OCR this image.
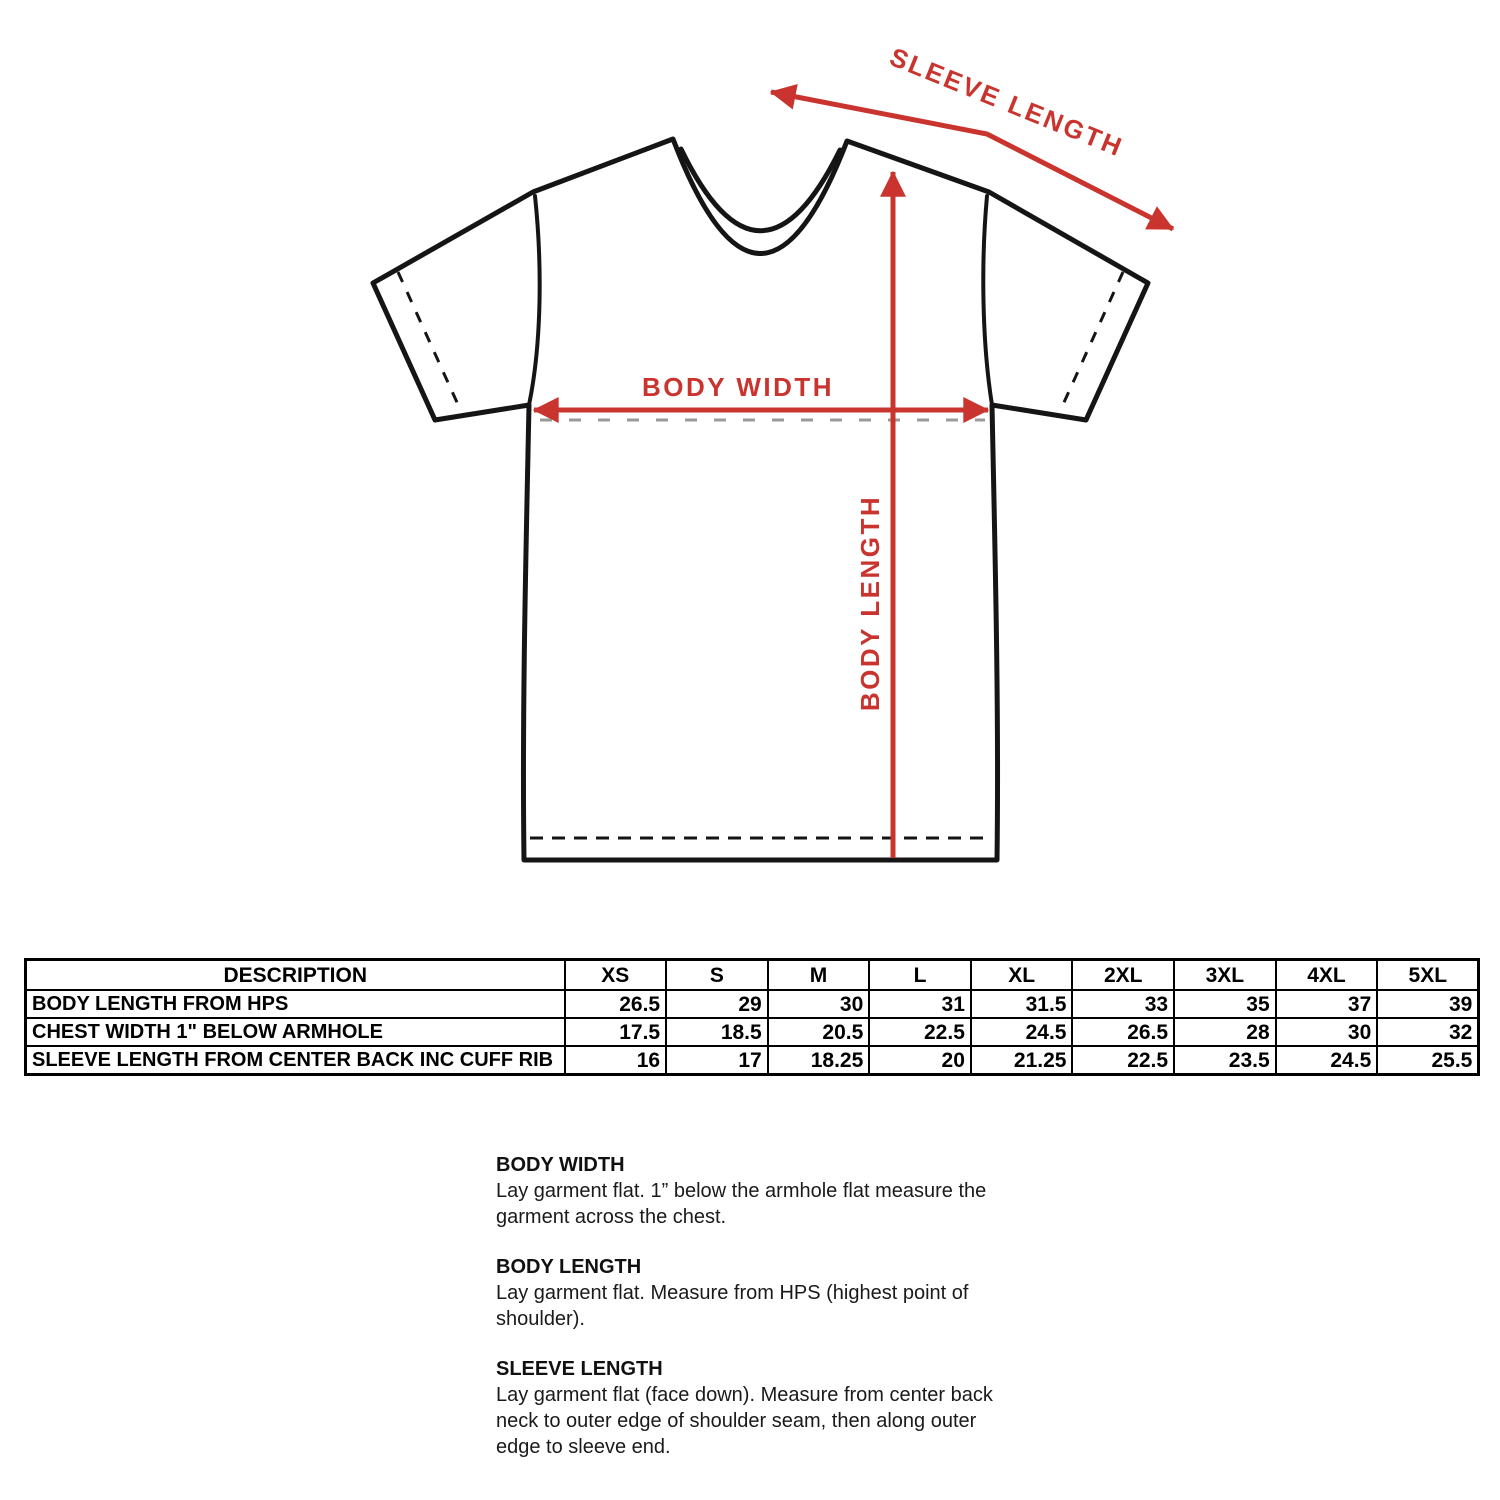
SLEEVE LENGTH
BODY WIDTH
BODY LENGTH
DESCRIPTION	XS	S	M	L	XL	2XL	3XL	4XL	5XL
BODY LENGTH FROM HPS	26.5	29	30	31	31.5	33	35	37	39
CHEST WIDTH 1" BELOW ARMHOLE	17.5	18.5	20.5	22.5	24.5	26.5	28	30	32
SLEEVE LENGTH FROM CENTER BACK INC CUFF RIB	16	17	18.25	20	21.25	22.5	23.5	24.5	25.5
BODY WIDTH

Lay garment flat. 1” below the armhole flat measure the garment across the chest.

BODY LENGTH

Lay garment flat. Measure from HPS (highest point of shoulder).

SLEEVE LENGTH

Lay garment flat (face down). Measure from center back neck to outer edge of shoulder seam, then along outer edge to sleeve end.
